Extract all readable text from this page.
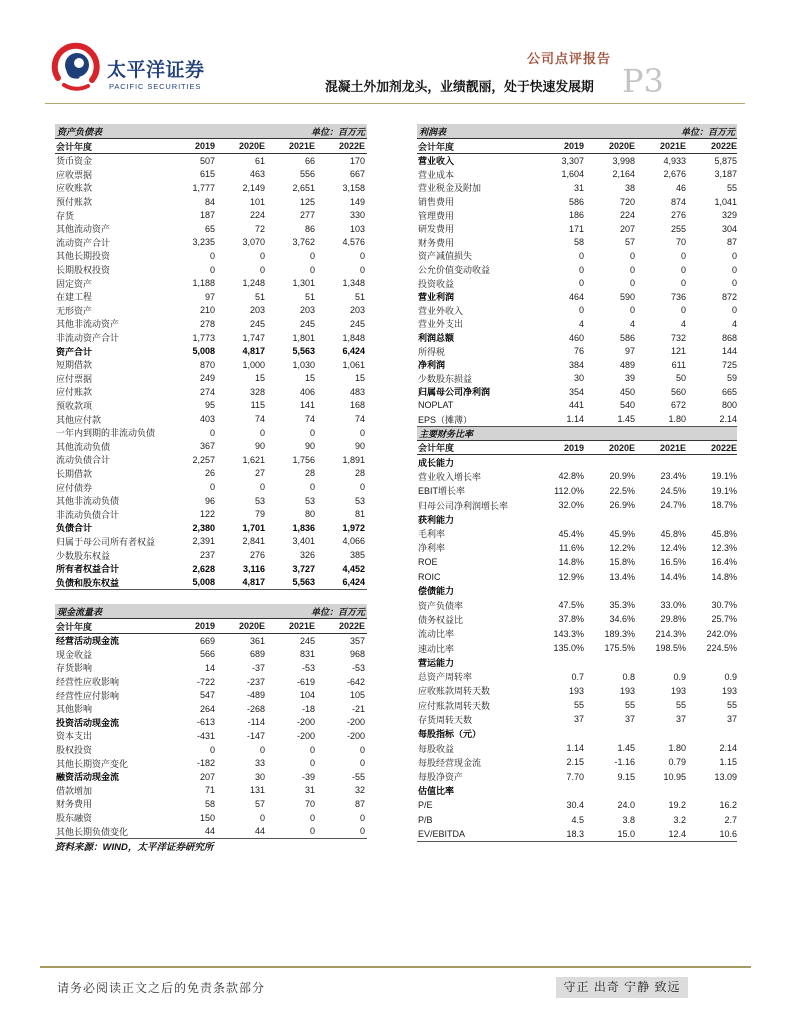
太平洋证券
PACIFIC SECURITIES
公司点评报告
混凝土外加剂龙头，业绩靓丽，处于快速发展期 P3
资产负债表	单位：百万元
会计年度	2019	2020E	2021E	2022E
货币资金	507	61	66	170
应收票据	615	463	556	667
应收账款	1,777	2,149	2,651	3,158
预付账款	84	101	125	149
存货	187	224	277	330
其他流动资产	65	72	86	103
流动资产合计	3,235	3,070	3,762	4,576
其他长期投资	0	0	0	0
长期股权投资	0	0	0	0
固定资产	1,188	1,248	1,301	1,348
在建工程	97	51	51	51
无形资产	210	203	203	203
其他非流动资产	278	245	245	245
非流动资产合计	1,773	1,747	1,801	1,848
资产合计	5,008	4,817	5,563	6,424
短期借款	870	1,000	1,030	1,061
应付票据	249	15	15	15
应付账款	274	328	406	483
预收款项	95	115	141	168
其他应付款	403	74	74	74
一年内到期的非流动负债	0	0	0	0
其他流动负债	367	90	90	90
流动负债合计	2,257	1,621	1,756	1,891
长期借款	26	27	28	28
应付债券	0	0	0	0
其他非流动负债	96	53	53	53
非流动负债合计	122	79	80	81
负债合计	2,380	1,701	1,836	1,972
归属于母公司所有者权益	2,391	2,841	3,401	4,066
少数股东权益	237	276	326	385
所有者权益合计	2,628	3,116	3,727	4,452
负债和股东权益	5,008	4,817	5,563	6,424
现金流量表	单位：百万元
会计年度	2019	2020E	2021E	2022E
经营活动现金流	669	361	245	357
现金收益	566	689	831	968
存货影响	14	-37	-53	-53
经营性应收影响	-722	-237	-619	-642
经营性应付影响	547	-489	104	105
其他影响	264	-268	-18	-21
投资活动现金流	-613	-114	-200	-200
资本支出	-431	-147	-200	-200
股权投资	0	0	0	0
其他长期资产变化	-182	33	0	0
融资活动现金流	207	30	-39	-55
借款增加	71	131	31	32
财务费用	58	57	70	87
股东融资	150	0	0	0
其他长期负债变化	44	44	0	0
资料来源：WIND，太平洋证券研究所
利润表	单位：百万元
会计年度	2019	2020E	2021E	2022E
营业收入	3,307	3,998	4,933	5,875
营业成本	1,604	2,164	2,676	3,187
营业税金及附加	31	38	46	55
销售费用	586	720	874	1,041
管理费用	186	224	276	329
研发费用	171	207	255	304
财务费用	58	57	70	87
资产减值损失	0	0	0	0
公允价值变动收益	0	0	0	0
投资收益	0	0	0	0
营业利润	464	590	736	872
营业外收入	0	0	0	0
营业外支出	4	4	4	4
利润总额	460	586	732	868
所得税	76	97	121	144
净利润	384	489	611	725
少数股东损益	30	39	50	59
归属母公司净利润	354	450	560	665
NOPLAT	441	540	672	800
EPS（摊薄）	1.14	1.45	1.80	2.14
主要财务比率
会计年度	2019	2020E	2021E	2022E
成长能力
营业收入增长率	42.8%	20.9%	23.4%	19.1%
EBIT增长率	112.0%	22.5%	24.5%	19.1%
归母公司净利润增长率	32.0%	26.9%	24.7%	18.7%
获利能力
毛利率	45.4%	45.9%	45.8%	45.8%
净利率	11.6%	12.2%	12.4%	12.3%
ROE	14.8%	15.8%	16.5%	16.4%
ROIC	12.9%	13.4%	14.4%	14.8%
偿债能力
资产负债率	47.5%	35.3%	33.0%	30.7%
债务权益比	37.8%	34.6%	29.8%	25.7%
流动比率	143.3%	189.3%	214.3%	242.0%
速动比率	135.0%	175.5%	198.5%	224.5%
营运能力
总资产周转率	0.7	0.8	0.9	0.9
应收账款周转天数	193	193	193	193
应付账款周转天数	55	55	55	55
存货周转天数	37	37	37	37
每股指标（元）
每股收益	1.14	1.45	1.80	2.14
每股经营现金流	2.15	-1.16	0.79	1.15
每股净资产	7.70	9.15	10.95	13.09
估值比率
P/E	30.4	24.0	19.2	16.2
P/B	4.5	3.8	3.2	2.7
EV/EBITDA	18.3	15.0	12.4	10.6
请务必阅读正文之后的免责条款部分	守正 出奇 宁静 致远
